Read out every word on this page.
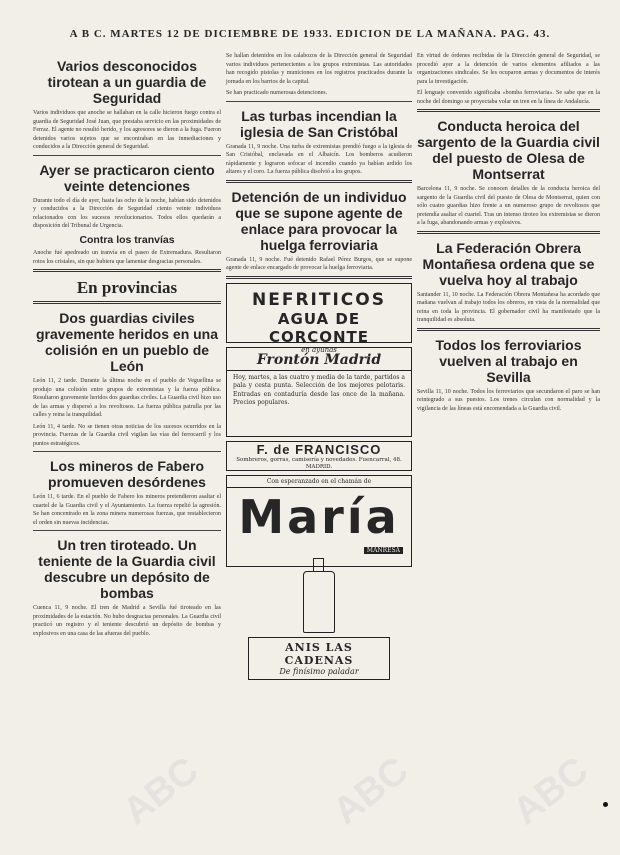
A B C. MARTES 12 DE DICIEMBRE DE 1933. EDICION DE LA MAÑANA. PAG. 43.
Varios desconocidos tirotean a un guardia de Seguridad

Varios individuos que anoche se hallaban en la calle hicieron fuego contra el guardia de Seguridad José Juan, que prestaba servicio en las proximidades de Ferraz. El agente no resultó herido, y los agresores se dieron a la fuga. Fueron detenidos varios sujetos que se encontraban en las inmediaciones y conducidos a la Dirección general de Seguridad.

Ayer se practicaron ciento veinte detenciones

Durante todo el día de ayer, hasta las ocho de la noche, habían sido detenidos y conducidos a la Dirección de Seguridad ciento veinte individuos relacionados con los sucesos revolucionarios. Todos ellos quedarán a disposición del Tribunal de Urgencia.

Contra los tranvías

Anoche fué apedreado un tranvía en el paseo de Extremadura. Resultaron rotos los cristales, sin que hubiera que lamentar desgracias personales.

En provincias
Dos guardias civiles gravemente heridos en una colisión en un pueblo de León

León 11, 2 tarde. Durante la última noche en el pueblo de Veguellina se produjo una colisión entre grupos de extremistas y la fuerza pública. Resultaron gravemente heridos dos guardias civiles. La Guardia civil hizo uso de las armas y dispersó a los revoltosos. La fuerza pública patrulla por las calles y reina la tranquilidad.

León 11, 4 tarde. No se tienen otras noticias de los sucesos ocurridos en la provincia. Fuerzas de la Guardia civil vigilan las vías del ferrocarril y los puntos estratégicos.

Los mineros de Fabero promueven desórdenes

León 11, 6 tarde. En el pueblo de Fabero los mineros pretendieron asaltar el cuartel de la Guardia civil y el Ayuntamiento. La fuerza repelió la agresión. Se han concentrado en la zona minera numerosas fuerzas, que restablecieron el orden sin nuevas incidencias.

Un tren tiroteado. Un teniente de la Guardia civil descubre un depósito de bombas

Cuenca 11, 9 noche. El tren de Madrid a Sevilla fué tiroteado en las proximidades de la estación. No hubo desgracias personales. La Guardia civil practicó un registro y el teniente descubrió un depósito de bombas y explosivos en una casa de las afueras del pueblo.

Se hallan detenidos en los calabozos de la Dirección general de Seguridad varios individuos pertenecientes a los grupos extremistas. Las autoridades han recogido pistolas y municiones en los registros practicados durante la jornada en los barrios de la capital.

Se han practicado numerosas detenciones.

Las turbas incendian la iglesia de San Cristóbal

Granada 11, 9 noche. Una turba de extremistas prendió fuego a la iglesia de San Cristóbal, enclavada en el Albaicín. Los bomberos acudieron rápidamente y lograron sofocar el incendio cuando ya habían ardido los altares y el coro. La fuerza pública disolvió a los grupos.

Detención de un individuo que se supone agente de enlace para provocar la huelga ferroviaria

Granada 11, 9 noche. Fué detenido Rafael Pérez Burgos, que se supone agente de enlace encargado de provocar la huelga ferroviaria.

NEFRITICOS
AGUA DE CORCONTE
en ayunas
Frontón Madrid
Hoy, martes, a las cuatro y media de la tarde, partidos a pala y cesta punta. Selección de los mejores pelotaris. Entradas en contaduría desde las once de la mañana. Precios populares.
F. de FRANCISCO
Sombreros, gorras, camisería y novedades. Fuencarral, 48. MADRID.
Con esperanzado en el chamán de
María
MANRESA
ANIS LAS CADENAS
De finísimo paladar

En virtud de órdenes recibidas de la Dirección general de Seguridad, se procedió ayer a la detención de varios elementos afiliados a las organizaciones sindicales. Se les ocuparon armas y documentos de interés para la investigación.

El lenguaje convenido significaba «bomba ferroviaria». Se sabe que en la noche del domingo se proyectaba volar un tren en la línea de Andalucía.

Conducta heroica del sargento de la Guardia civil del puesto de Olesa de Montserrat

Barcelona 11, 9 noche. Se conocen detalles de la conducta heroica del sargento de la Guardia civil del puesto de Olesa de Montserrat, quien con sólo cuatro guardias hizo frente a un numeroso grupo de revoltosos que pretendía asaltar el cuartel. Tras un intenso tiroteo los extremistas se dieron a la fuga, abandonando armas y explosivos.

La Federación Obrera Montañesa ordena que se vuelva hoy al trabajo

Santander 11, 10 noche. La Federación Obrera Montañesa ha acordado que mañana vuelvan al trabajo todos los obreros, en vista de la normalidad que reina en toda la provincia. El gobernador civil ha manifestado que la tranquilidad es absoluta.

Todos los ferroviarios vuelven al trabajo en Sevilla

Sevilla 11, 10 noche. Todos los ferroviarios que secundaron el paro se han reintegrado a sus puestos. Los trenes circulan con normalidad y la vigilancia de las líneas está encomendada a la Guardia civil.

ABC	ABC ABC
